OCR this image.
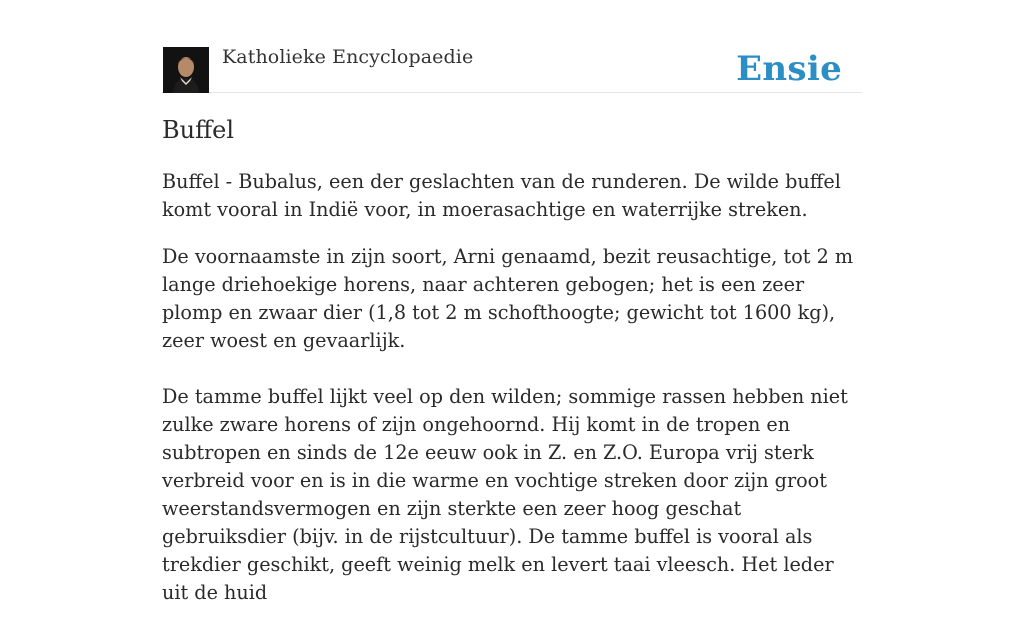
Katholieke Encyclopaedie	Ensie
Buffel

Buffel - Bubalus, een der geslachten van de runderen. De wilde buffel komt vooral in Indië voor, in moerasachtige en waterrijke streken.

De voornaamste in zijn soort, Arni genaamd, bezit reusachtige, tot 2 m lange driehoekige horens, naar achteren gebogen; het is een zeer plomp en zwaar dier (1,8 tot 2 m schofthoogte; gewicht tot 1600 kg), zeer woest en gevaarlijk.

De tamme buffel lijkt veel op den wilden; sommige rassen hebben niet zulke zware horens of zijn ongehoornd. Hij komt in de tropen en subtropen en sinds de 12e eeuw ook in Z. en Z.O. Europa vrij sterk verbreid voor en is in die warme en vochtige streken door zijn groot weerstandsvermogen en zijn sterkte een zeer hoog geschat gebruiksdier (bijv. in de rijstcultuur). De tamme buffel is vooral als trekdier geschikt, geeft weinig melk en levert taai vleesch. Het leder uit de huid
